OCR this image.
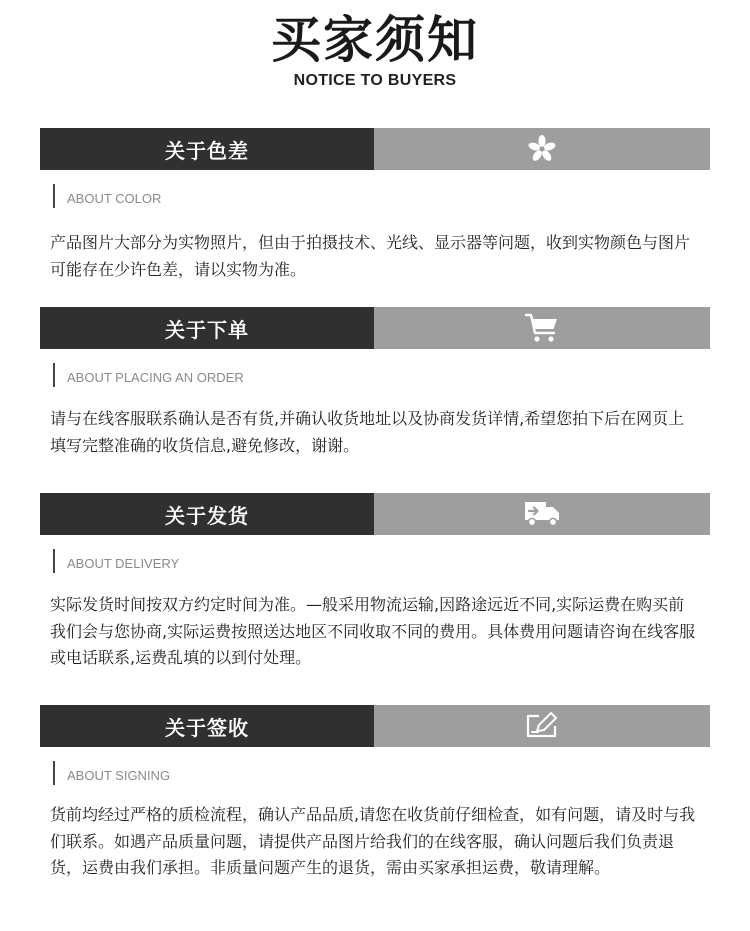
买家须知
NOTICE TO BUYERS
关于色差
ABOUT COLOR
产品图片大部分为实物照片，但由于拍摄技术、光线、显示器等问题，收到实物颜色与图片可能存在少许色差，请以实物为准。
关于下单
ABOUT PLACING AN ORDER
请与在线客服联系确认是否有货,并确认收货地址以及协商发货详情,希望您拍下后在网页上填写完整准确的收货信息,避免修改，谢谢。
关于发货
ABOUT DELIVERY
实际发货时间按双方约定时间为准。—般采用物流运输,因路途远近不同,实际运费在购买前我们会与您协商,实际运费按照送达地区不同收取不同的费用。具体费用问题请咨询在线客服或电话联系,运费乱填的以到付处理。
关于签收
ABOUT SIGNING
货前均经过严格的质检流程，确认产品品质,请您在收货前仔细检查，如有问题，请及时与我们联系。如遇产品质量问题，请提供产品图片给我们的在线客服，确认问题后我们负责退货，运费由我们承担。非质量问题产生的退货，需由买家承担运费，敬请理解。
